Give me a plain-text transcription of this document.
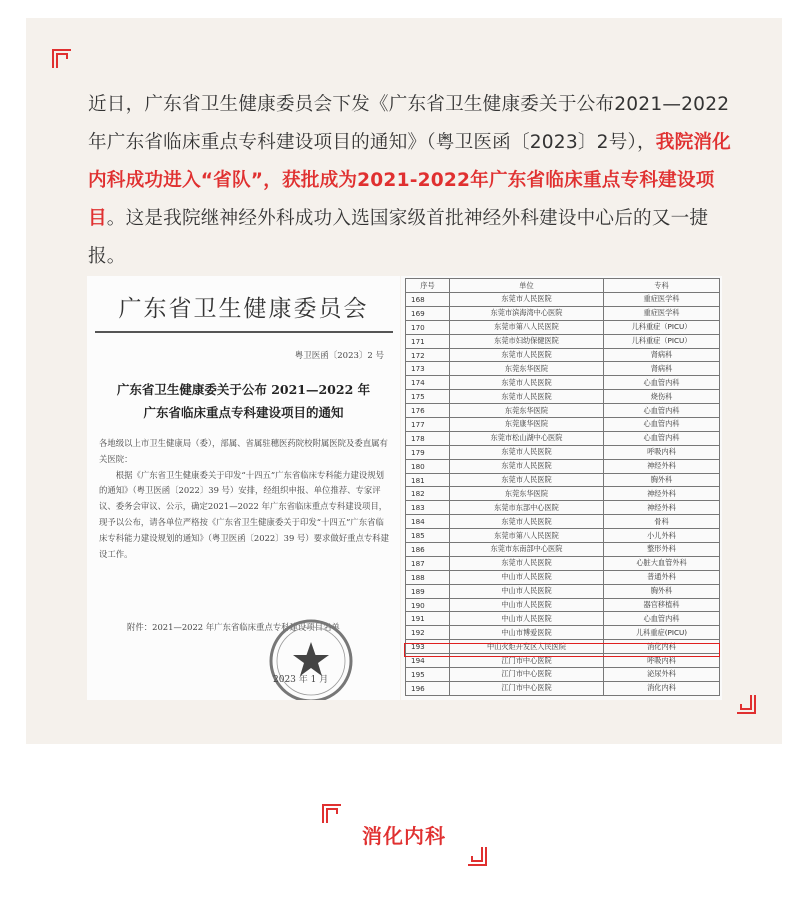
近日，广东省卫生健康委员会下发《广东省卫生健康委关于公布2021—2022年广东省临床重点专科建设项目的通知》（粤卫医函〔2023〕2号），我院消化内科成功进入“省队”，获批成为2021-2022年广东省临床重点专科建设项目。这是我院继神经外科成功入选国家级首批神经外科建设中心后的又一捷报。
广东省卫生健康委员会
粤卫医函〔2023〕2 号
广东省卫生健康委关于公布 2021—2022 年
广东省临床重点专科建设项目的通知

各地级以上市卫生健康局（委），部属、省属驻穗医药院校附属医院及委直属有关医院：

根据《广东省卫生健康委关于印发“十四五”广东省临床专科能力建设规划的通知》（粤卫医函〔2022〕39 号）安排，经组织申报、单位推荐、专家评议、委务会审议、公示，确定2021—2022 年广东省临床重点专科建设项目，现予以公布，请各单位严格按《广东省卫生健康委关于印发“十四五”广东省临床专科能力建设规划的通知》（粤卫医函〔2022〕39 号）要求做好重点专科建设工作。

附件：2021—2022 年广东省临床重点专科建设项目名单
2023 年 1 月
序号	单位	专科
168	东莞市人民医院	重症医学科
169	东莞市滨海湾中心医院	重症医学科
170	东莞市第八人民医院	儿科重症（PICU）
171	东莞市妇幼保健医院	儿科重症（PICU）
172	东莞市人民医院	肾病科
173	东莞东华医院	肾病科
174	东莞市人民医院	心血管内科
175	东莞市人民医院	烧伤科
176	东莞东华医院	心血管内科
177	东莞康华医院	心血管内科
178	东莞市松山湖中心医院	心血管内科
179	东莞市人民医院	呼吸内科
180	东莞市人民医院	神经外科
181	东莞市人民医院	胸外科
182	东莞东华医院	神经外科
183	东莞市东部中心医院	神经外科
184	东莞市人民医院	骨科
185	东莞市第八人民医院	小儿外科
186	东莞市东南部中心医院	整形外科
187	东莞市人民医院	心脏大血管外科
188	中山市人民医院	普通外科
189	中山市人民医院	胸外科
190	中山市人民医院	器官移植科
191	中山市人民医院	心血管内科
192	中山市博爱医院	儿科重症(PICU)
193	中山火炬开发区人民医院	消化内科
194	江门市中心医院	呼吸内科
195	江门市中心医院	泌尿外科
196	江门市中心医院	消化内科
消化内科
